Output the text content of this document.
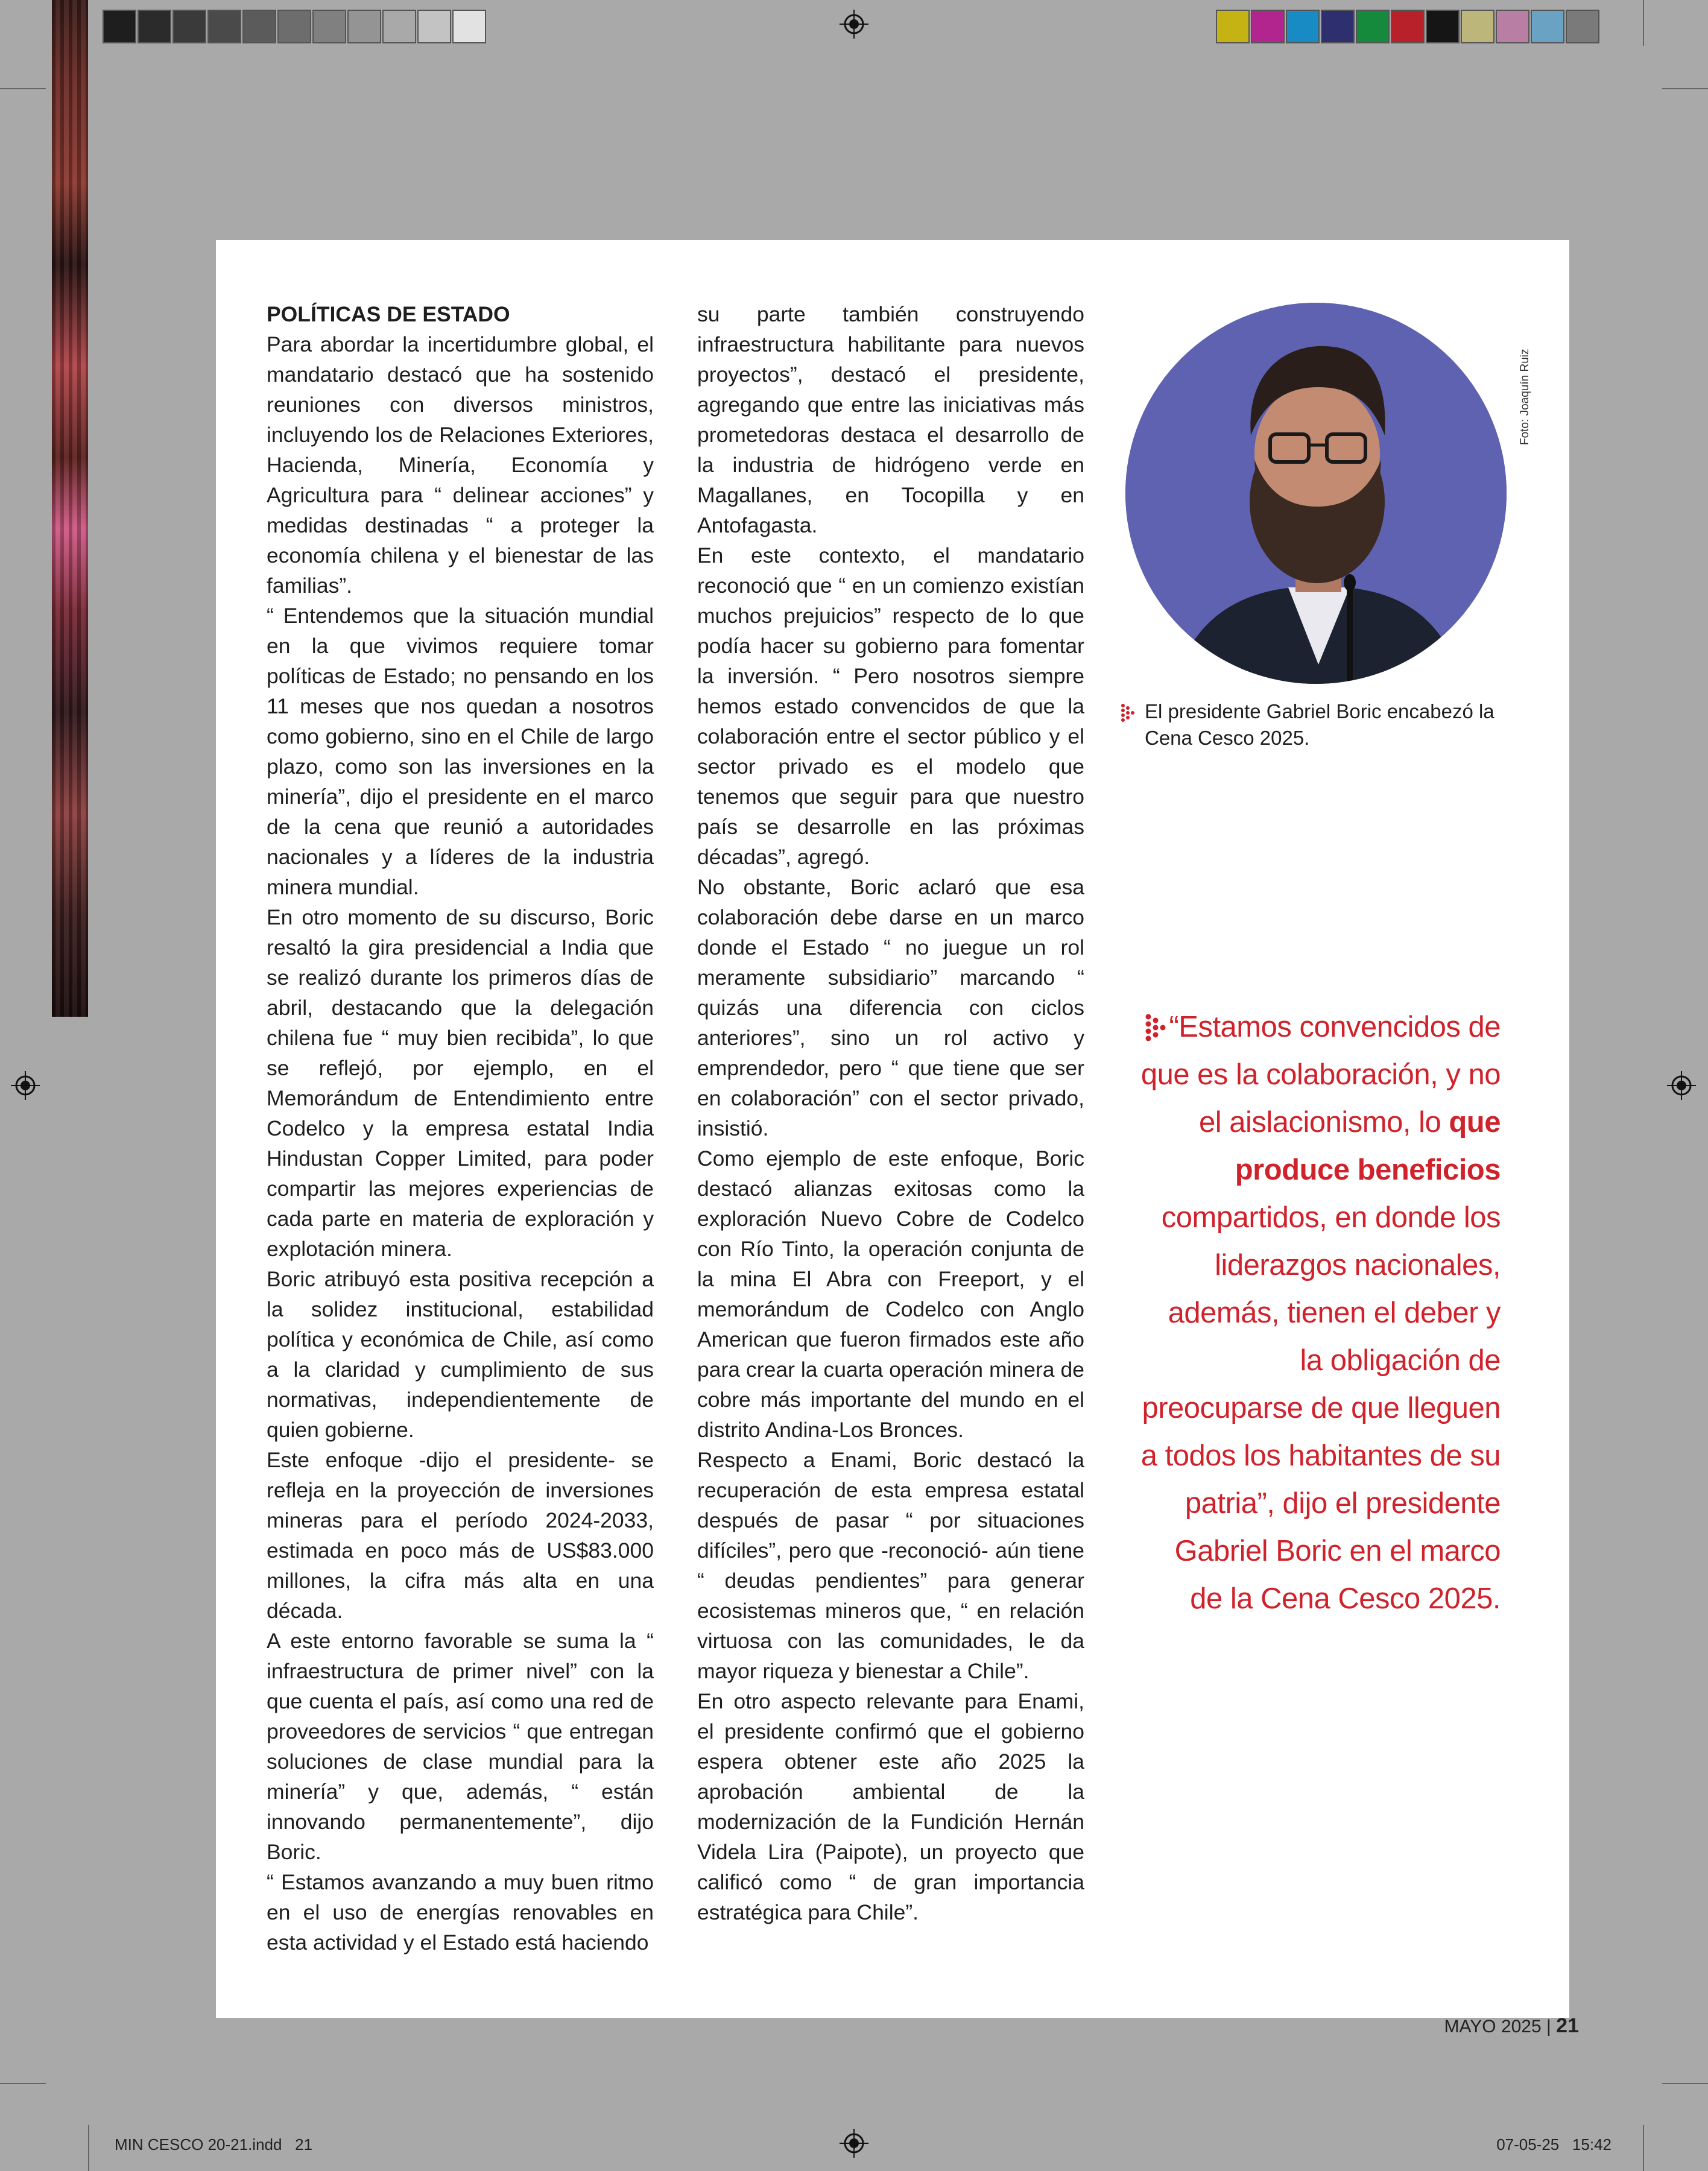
POLÍTICAS DE ESTADO

Para abordar la incertidumbre global, el mandatario destacó que ha sostenido reuniones con diversos ministros, incluyendo los de Relaciones Exteriores, Hacienda, Minería, Economía y Agricultura para “ delinear acciones” y medidas destinadas “ a proteger la economía chilena y el bienestar de las familias”.

“ Entendemos que la situación mundial en la que vivimos requiere tomar políticas de Estado; no pensando en los 11 meses que nos quedan a nosotros como gobierno, sino en el Chile de largo plazo, como son las inversiones en la minería”, dijo el presidente en el marco de la cena que reunió a autoridades nacionales y a líderes de la industria minera mundial.

En otro momento de su discurso, Boric resaltó la gira presidencial a India que se realizó durante los primeros días de abril, destacando que la delegación chilena fue “ muy bien recibida”, lo que se reflejó, por ejemplo, en el Memorándum de Entendimiento entre Codelco y la empresa estatal India Hindustan Copper Limited, para poder compartir las mejores experiencias de cada parte en materia de exploración y explotación minera.

Boric atribuyó esta positiva recepción a la solidez institucional, estabilidad política y económica de Chile, así como a la claridad y cumplimiento de sus normativas, independientemente de quien gobierne.

Este enfoque -dijo el presidente- se refleja en la proyección de inversiones mineras para el período 2024-2033, estimada en poco más de US$83.000 millones, la cifra más alta en una década.

A este entorno favorable se suma la “ infraestructura de primer nivel” con la que cuenta el país, así como una red de proveedores de servicios “ que entregan soluciones de clase mundial para la minería” y que, además, “ están innovando permanentemente”, dijo Boric.

“ Estamos avanzando a muy buen ritmo en el uso de energías renovables en esta actividad y el Estado está haciendo

su parte también construyendo infraestructura habilitante para nuevos proyectos”, destacó el presidente, agregando que entre las iniciativas más prometedoras destaca el desarrollo de la industria de hidrógeno verde en Magallanes, en Tocopilla y en Antofagasta.

En este contexto, el mandatario reconoció que “ en un comienzo existían muchos prejuicios” respecto de lo que podía hacer su gobierno para fomentar la inversión. “ Pero nosotros siempre hemos estado convencidos de que la colaboración entre el sector público y el sector privado es el modelo que tenemos que seguir para que nuestro país se desarrolle en las próximas décadas”, agregó.

No obstante, Boric aclaró que esa colaboración debe darse en un marco donde el Estado “ no juegue un rol meramente subsidiario” marcando “ quizás una diferencia con ciclos anteriores”, sino un rol activo y emprendedor, pero “ que tiene que ser en colaboración” con el sector privado, insistió.

Como ejemplo de este enfoque, Boric destacó alianzas exitosas como la exploración Nuevo Cobre de Codelco con Río Tinto, la operación conjunta de la mina El Abra con Freeport, y el memorándum de Codelco con Anglo American que fueron firmados este año para crear la cuarta operación minera de cobre más importante del mundo en el distrito Andina-Los Bronces.

Respecto a Enami, Boric destacó la recuperación de esta empresa estatal después de pasar “ por situaciones difíciles”, pero que -reconoció- aún tiene “ deudas pendientes” para generar ecosistemas mineros que, “ en relación virtuosa con las comunidades, le da mayor riqueza y bienestar a Chile”.

En otro aspecto relevante para Enami, el presidente confirmó que el gobierno espera obtener este año 2025 la aprobación ambiental de la modernización de la Fundición Hernán Videla Lira (Paipote), un proyecto que calificó como “ de gran importancia estratégica para Chile”.

Foto: Joaquín Ruiz
El presidente Gabriel Boric encabezó la Cena Cesco 2025.
“Estamos convencidos de que es la colaboración, y no el aislacionismo, lo que produce beneficios compartidos, en donde los liderazgos nacionales, además, tienen el deber y la obligación de preocuparse de que lleguen a todos los habitantes de su patria”, dijo el presidente Gabriel Boric en el marco de la Cena Cesco 2025.
MAYO 2025 | 21
MIN CESCO 20-21.indd   21	07-05-25   15:42
